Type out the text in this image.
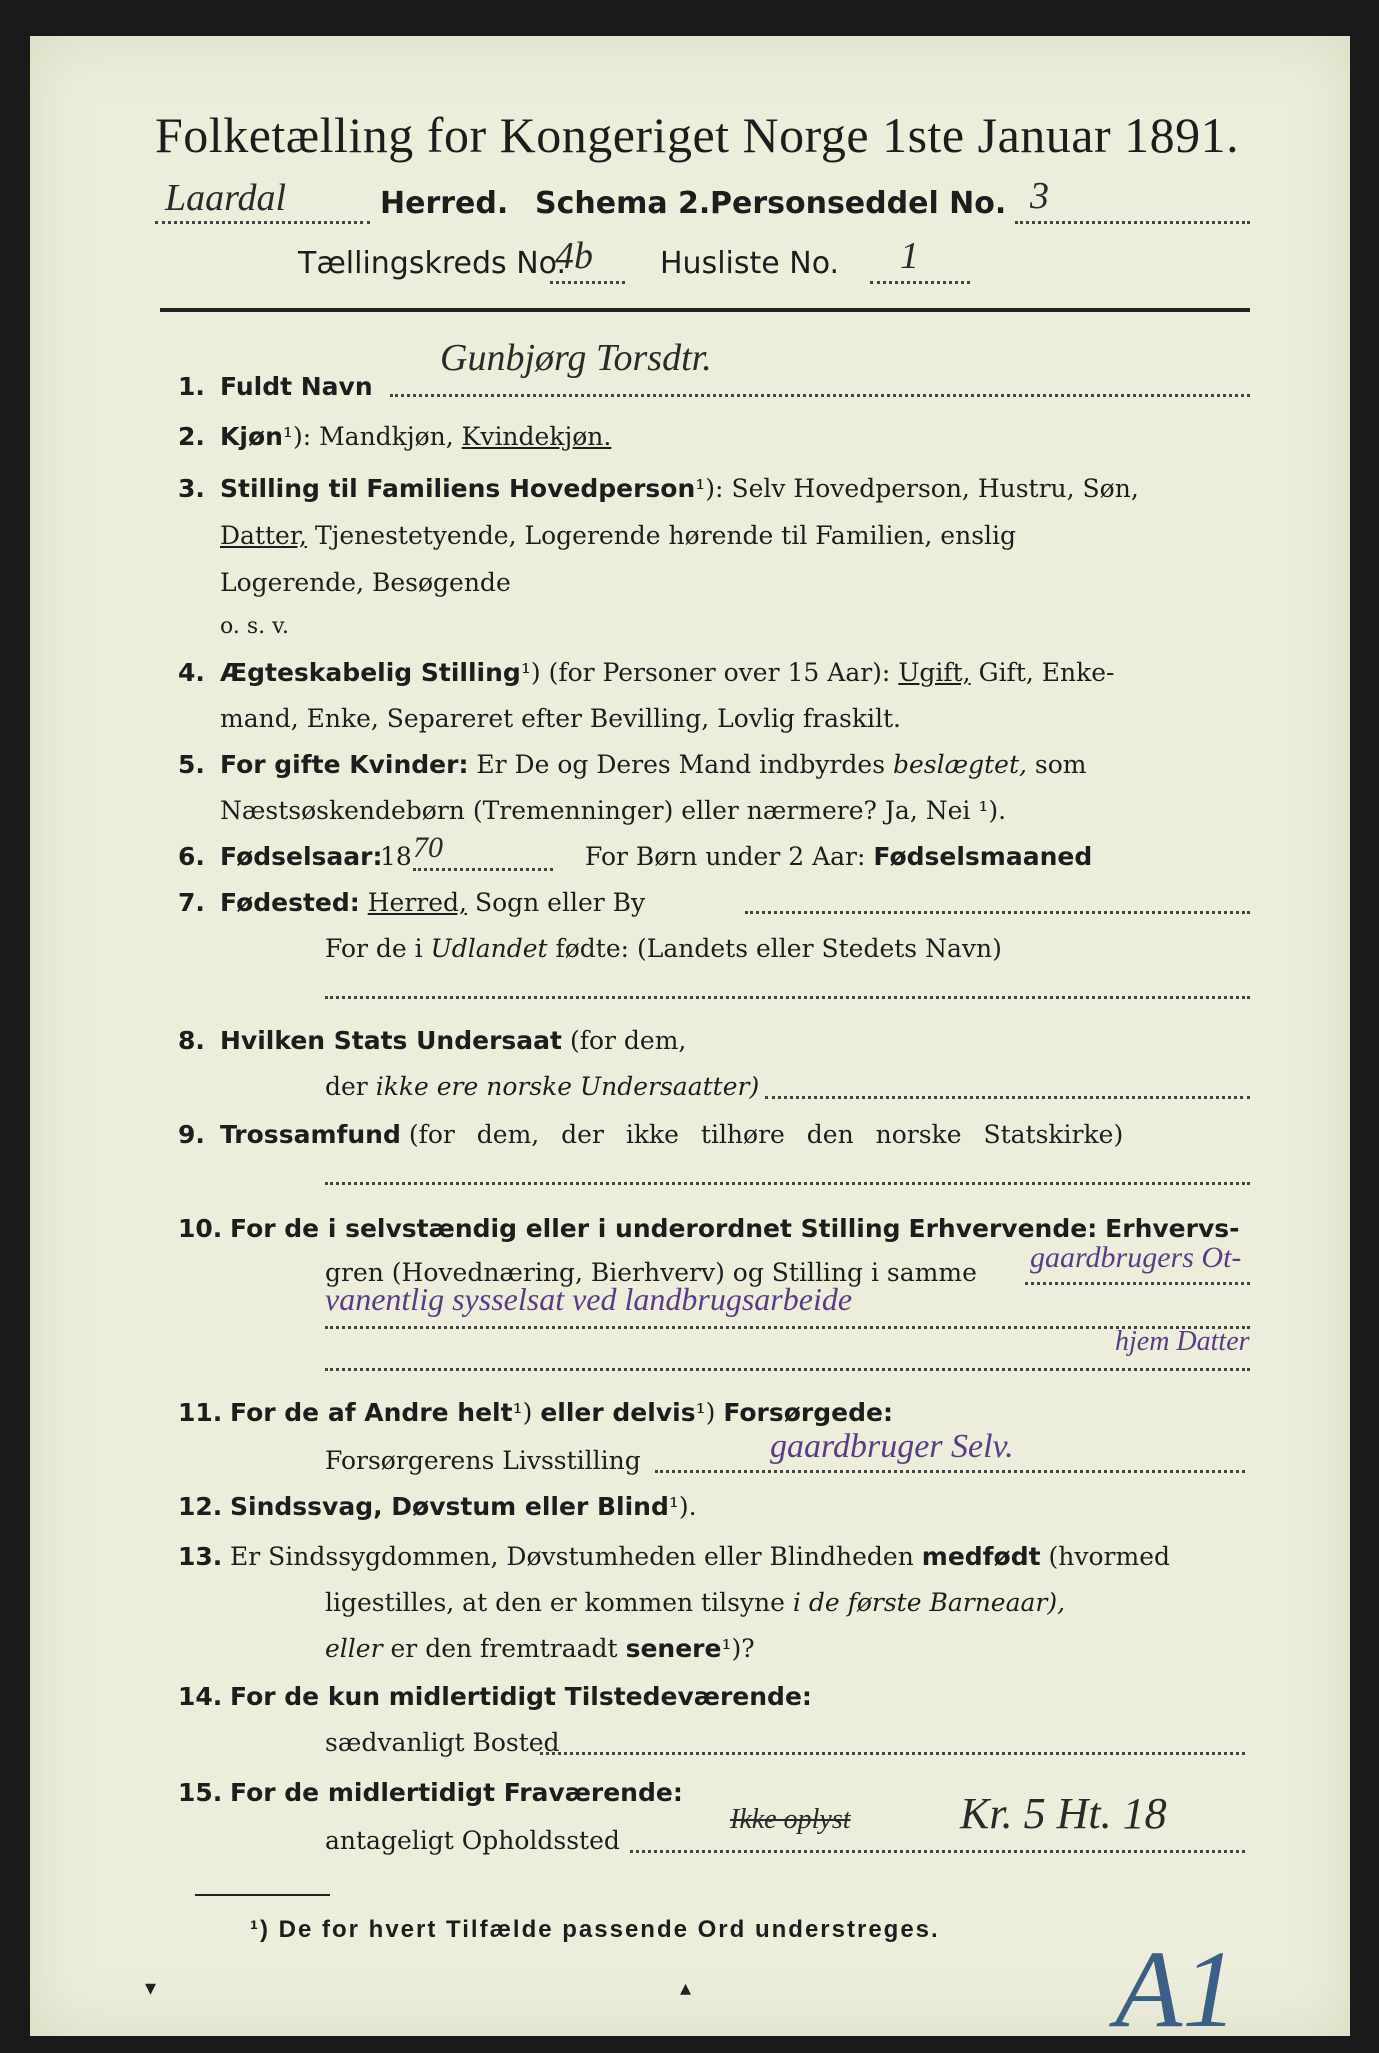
Folketælling for Kongeriget Norge 1ste Januar 1891.
Laardal	Herred. Schema 2. Personseddel No. 3
Tællingskreds No.
4b Husliste No. 1
1. Fuldt Navn
Gunbjørg Torsdtr.
2. Kjøn¹): Mandkjøn, Kvindekjøn.
3. Stilling til Familiens Hovedperson¹): Selv Hovedperson, Hustru, Søn,
Datter, Tjenestetyende, Logerende hørende til Familien, enslig
Logerende, Besøgende
o. s. v.
4. Ægteskabelig Stilling¹) (for Personer over 15 Aar): Ugift, Gift, Enke-
mand, Enke, Separeret efter Bevilling, Lovlig fraskilt.
5. For gifte Kvinder: Er De og Deres Mand indbyrdes beslægtet, som
Næstsøskendebørn (Tremenninger) eller nærmere? Ja, Nei ¹).
6. Fødselsaar:
18 70	For Børn under 2 Aar: Fødselsmaaned
7. Fødested: Herred, Sogn eller By
For de i Udlandet fødte: (Landets eller Stedets Navn)
8. Hvilken Stats Undersaat (for dem,
der ikke ere norske Undersaatter)
9. Trossamfund (for dem, der ikke tilhøre den norske Statskirke)
10. For de i selvstændig eller i underordnet Stilling Erhvervende: Erhvervs-
gren (Hovednæring, Bierhverv) og Stilling i samme gaardbrugers Ot-
vanentlig sysselsat ved landbrugsarbeide
hjem Datter
11. For de af Andre helt¹) eller delvis¹) Forsørgede:
Forsørgerens Livsstilling	gaardbruger Selv.
12. Sindssvag, Døvstum eller Blind¹).
13. Er Sindssygdommen, Døvstumheden eller Blindheden medfødt (hvormed
ligestilles, at den er kommen tilsyne i de første Barneaar),
eller er den fremtraadt senere¹)?
14. For de kun midlertidigt Tilstedeværende:
sædvanligt Bosted
15. For de midlertidigt Fraværende:
antageligt Opholdssted
Ikke oplyst Kr. 5 Ht. 18
¹) De for hvert Tilfælde passende Ord understreges. A1
▾	▴
